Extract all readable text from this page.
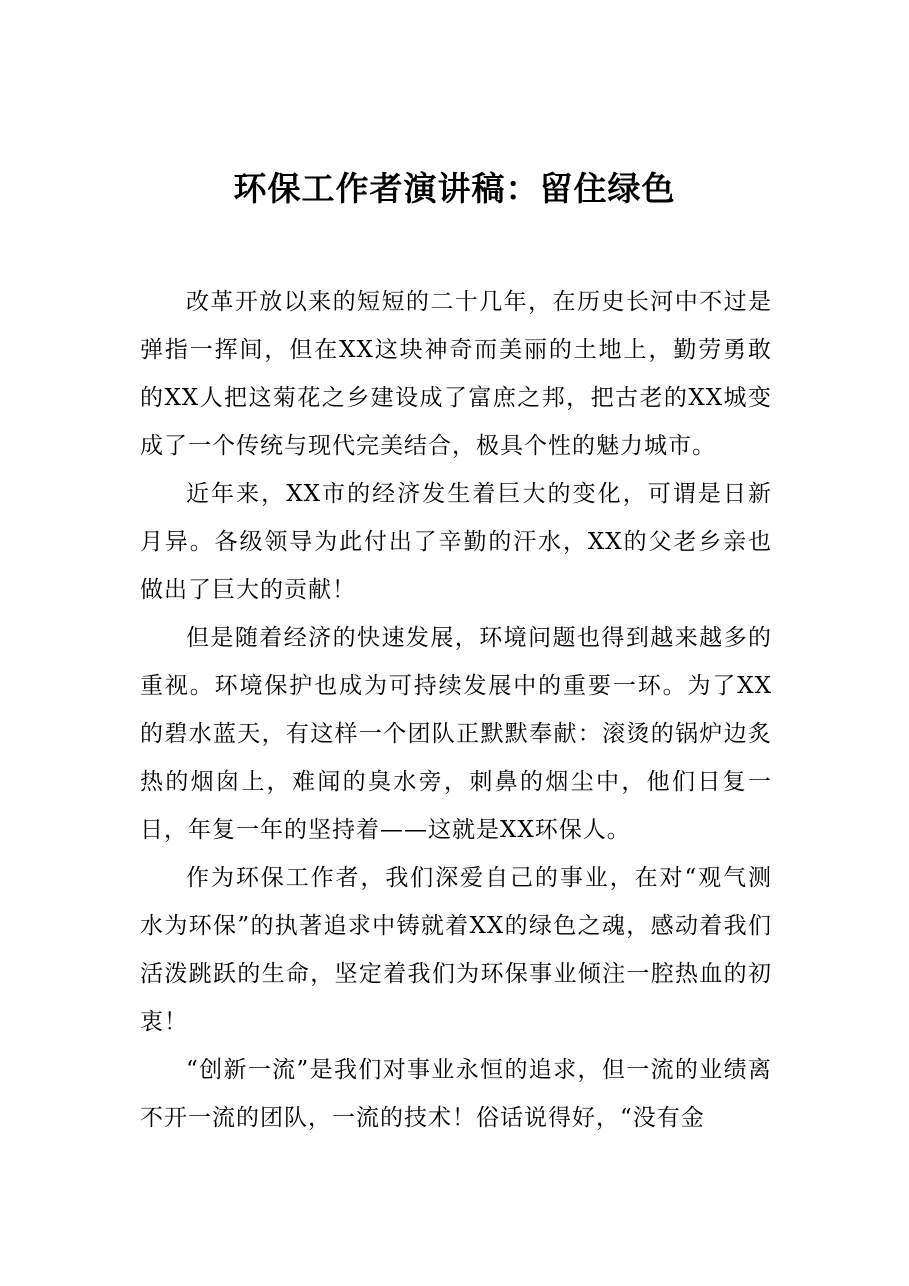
环保工作者演讲稿：留住绿色

改革开放以来的短短的二十几年，在历史长河中不过是弹指一挥间，但在XX这块神奇而美丽的土地上，勤劳勇敢的XX人把这菊花之乡建设成了富庶之邦，把古老的XX城变成了一个传统与现代完美结合，极具个性的魅力城市。

近年来，XX市的经济发生着巨大的变化，可谓是日新月异。各级领导为此付出了辛勤的汗水，XX的父老乡亲也做出了巨大的贡献！

但是随着经济的快速发展，环境问题也得到越来越多的重视。环境保护也成为可持续发展中的重要一环。为了XX的碧水蓝天，有这样一个团队正默默奉献：滚烫的锅炉边炙热的烟囱上，难闻的臭水旁，刺鼻的烟尘中，他们日复一日，年复一年的坚持着——这就是XX环保人。

作为环保工作者，我们深爱自己的事业，在对“观气测水为环保”的执著追求中铸就着XX的绿色之魂，感动着我们活泼跳跃的生命，坚定着我们为环保事业倾注一腔热血的初衷！

“创新一流”是我们对事业永恒的追求，但一流的业绩离不开一流的团队，一流的技术！俗话说得好，“没有金
